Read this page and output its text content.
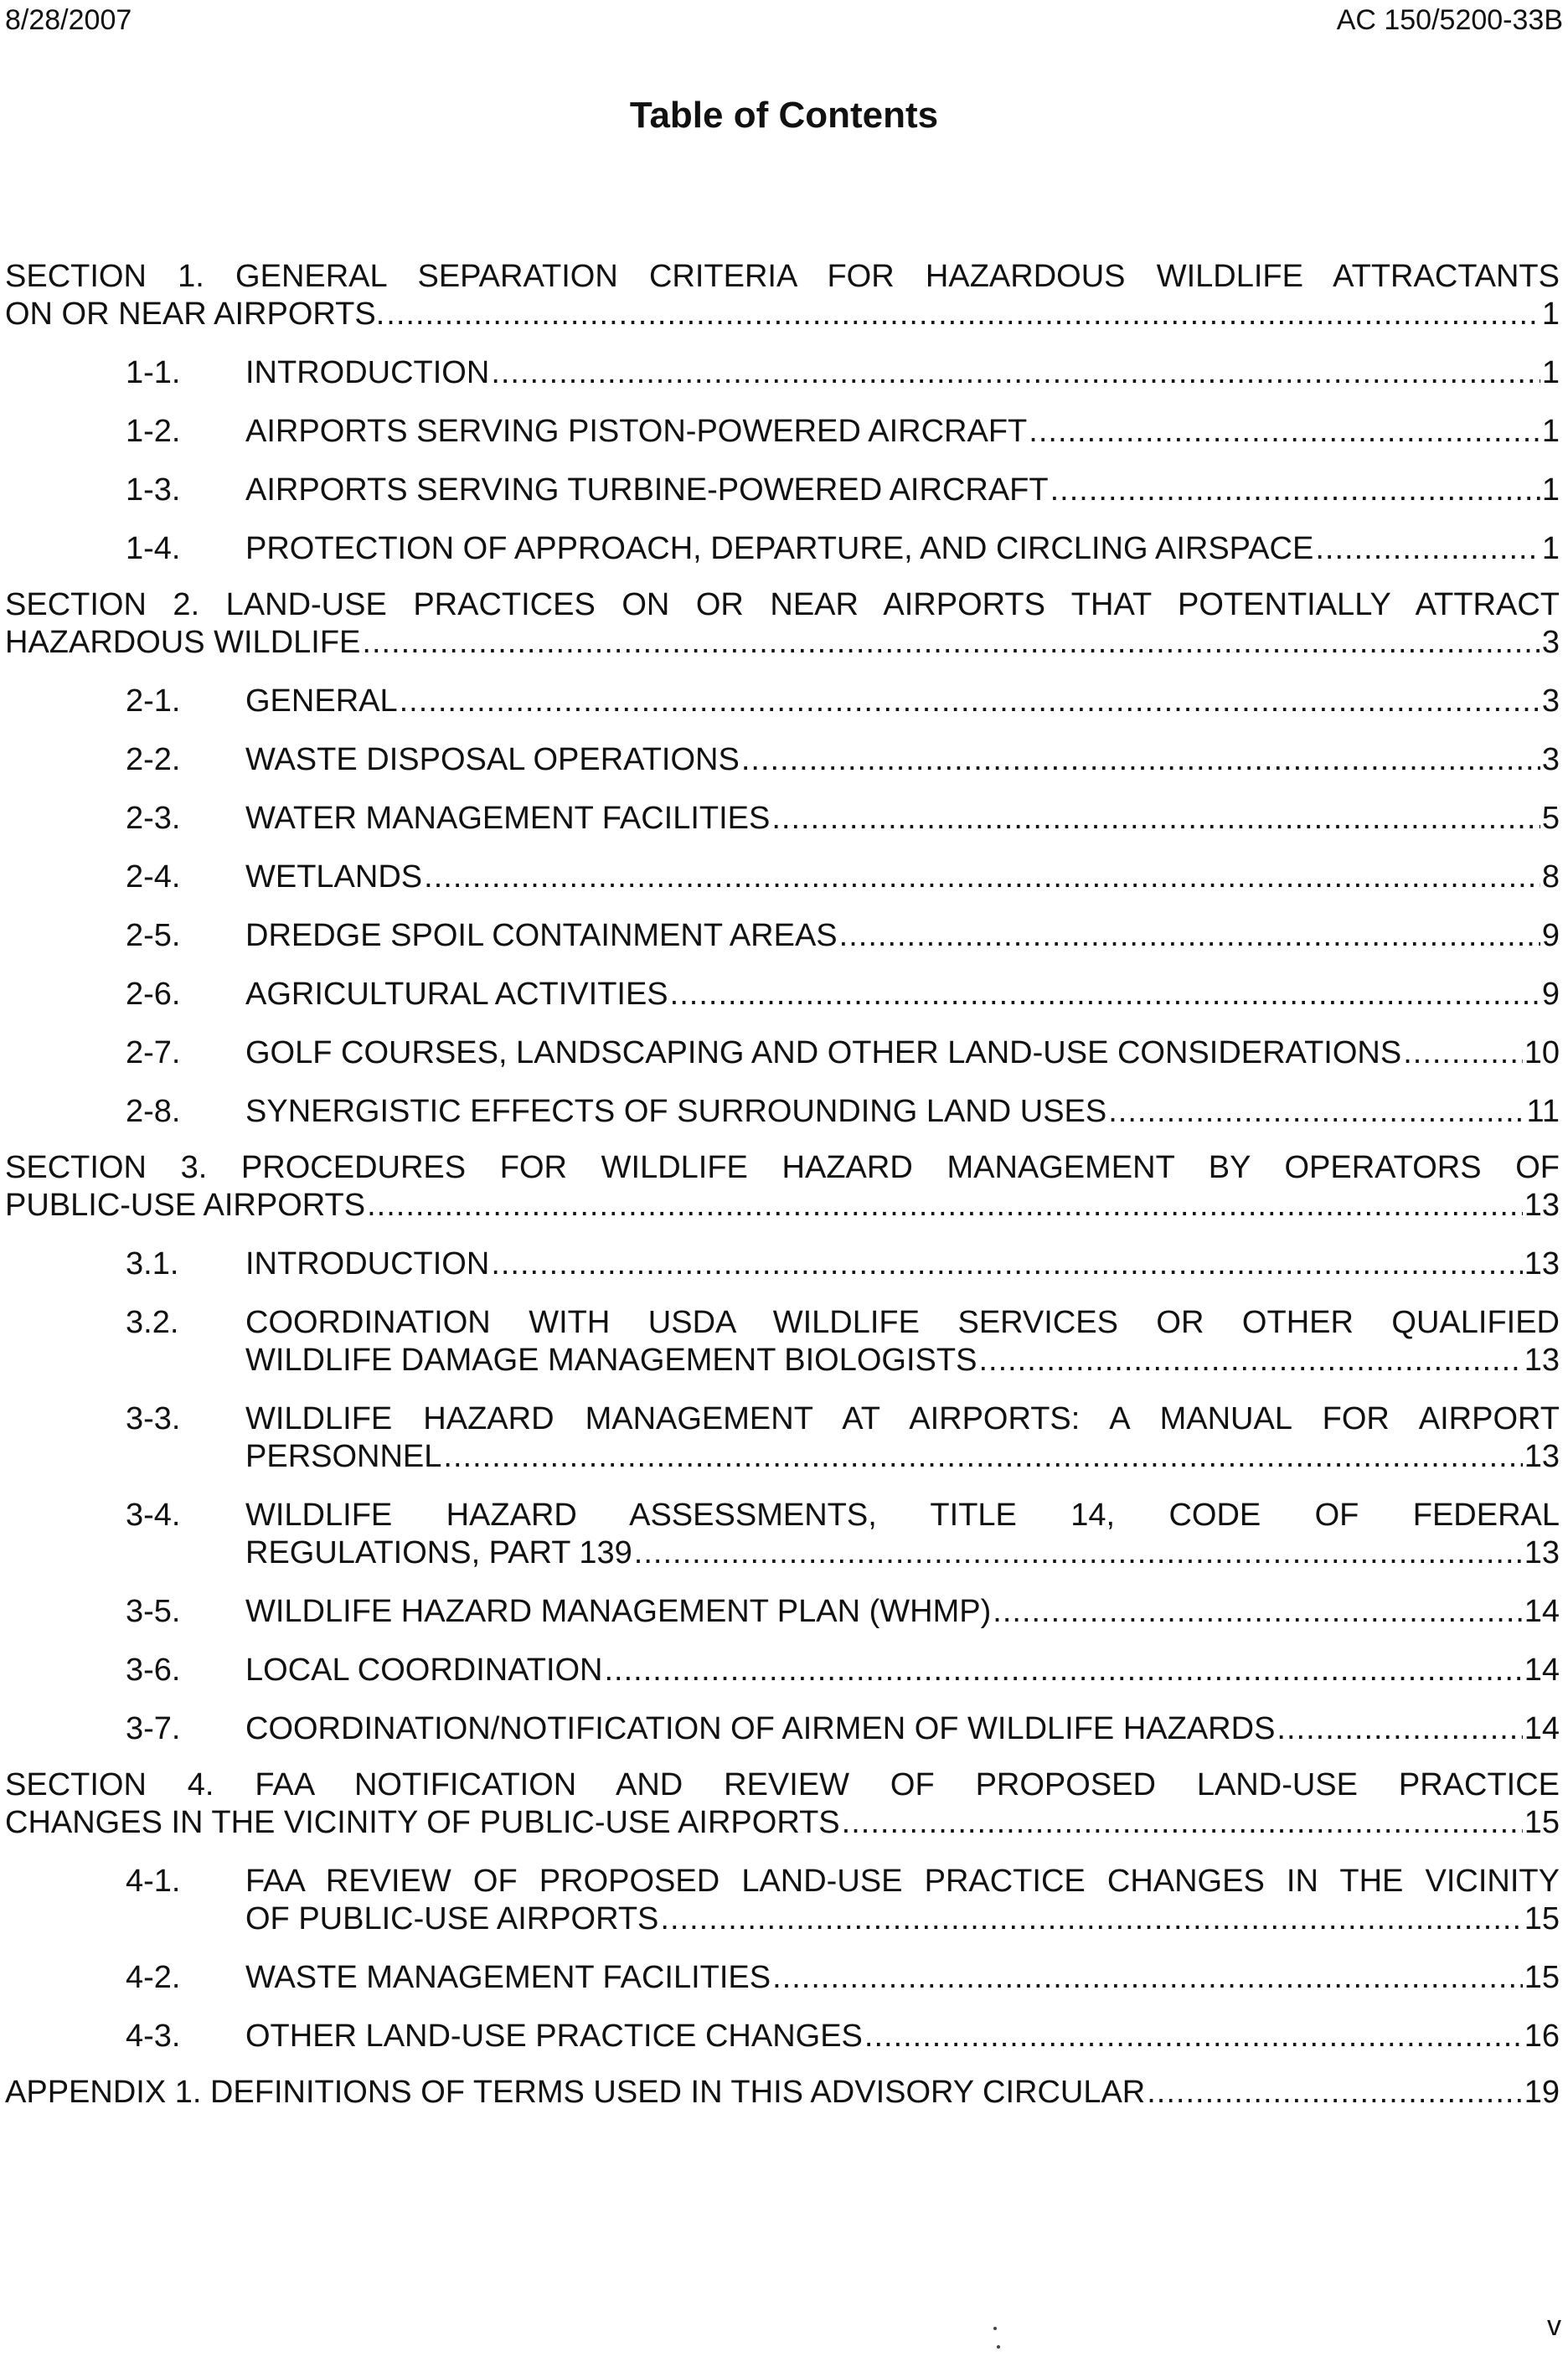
8/28/2007	AC 150/5200-33B
Table of Contents
SECTION 1. GENERAL SEPARATION CRITERIA FOR HAZARDOUS WILDLIFE ATTRACTANTS
ON OR NEAR AIRPORTS. .....	1
1-1.	INTRODUCTION .....	1
1-2.	AIRPORTS SERVING PISTON-POWERED AIRCRAFT .....	1
1-3.	AIRPORTS SERVING TURBINE-POWERED AIRCRAFT .....	1
1-4.	PROTECTION OF APPROACH, DEPARTURE, AND CIRCLING AIRSPACE .....	1
SECTION 2. LAND-USE PRACTICES ON OR NEAR AIRPORTS THAT POTENTIALLY ATTRACT
HAZARDOUS WILDLIFE .....	3
2-1.	GENERAL .....	3
2-2.	WASTE DISPOSAL OPERATIONS .....	3
2-3.	WATER MANAGEMENT FACILITIES .....	5
2-4.	WETLANDS .....	8
2-5.	DREDGE SPOIL CONTAINMENT AREAS .....	9
2-6.	AGRICULTURAL ACTIVITIES .....	9
2-7.	GOLF COURSES, LANDSCAPING AND OTHER LAND-USE CONSIDERATIONS .....	10
2-8.	SYNERGISTIC EFFECTS OF SURROUNDING LAND USES .....	11
SECTION 3. PROCEDURES FOR WILDLIFE HAZARD MANAGEMENT BY OPERATORS OF
PUBLIC-USE AIRPORTS .....	13
3.1.	INTRODUCTION .....	13
3.2.	COORDINATION WITH USDA WILDLIFE SERVICES OR OTHER QUALIFIED
WILDLIFE DAMAGE MANAGEMENT BIOLOGISTS .....	13
3-3.	WILDLIFE HAZARD MANAGEMENT AT AIRPORTS: A MANUAL FOR AIRPORT
PERSONNEL .....	13
3-4.	WILDLIFE HAZARD ASSESSMENTS, TITLE 14, CODE OF FEDERAL
REGULATIONS, PART 139 .....	13
3-5.	WILDLIFE HAZARD MANAGEMENT PLAN (WHMP) .....	14
3-6.	LOCAL COORDINATION .....	14
3-7.	COORDINATION/NOTIFICATION OF AIRMEN OF WILDLIFE HAZARDS .....	14
SECTION 4. FAA NOTIFICATION AND REVIEW OF PROPOSED LAND-USE PRACTICE
CHANGES IN THE VICINITY OF PUBLIC-USE AIRPORTS .....	15
4-1.	FAA REVIEW OF PROPOSED LAND-USE PRACTICE CHANGES IN THE VICINITY
OF PUBLIC-USE AIRPORTS .....	15
4-2.	WASTE MANAGEMENT FACILITIES .....	15
4-3.	OTHER LAND-USE PRACTICE CHANGES .....	16
APPENDIX 1. DEFINITIONS OF TERMS USED IN THIS ADVISORY CIRCULAR .....	19
v
